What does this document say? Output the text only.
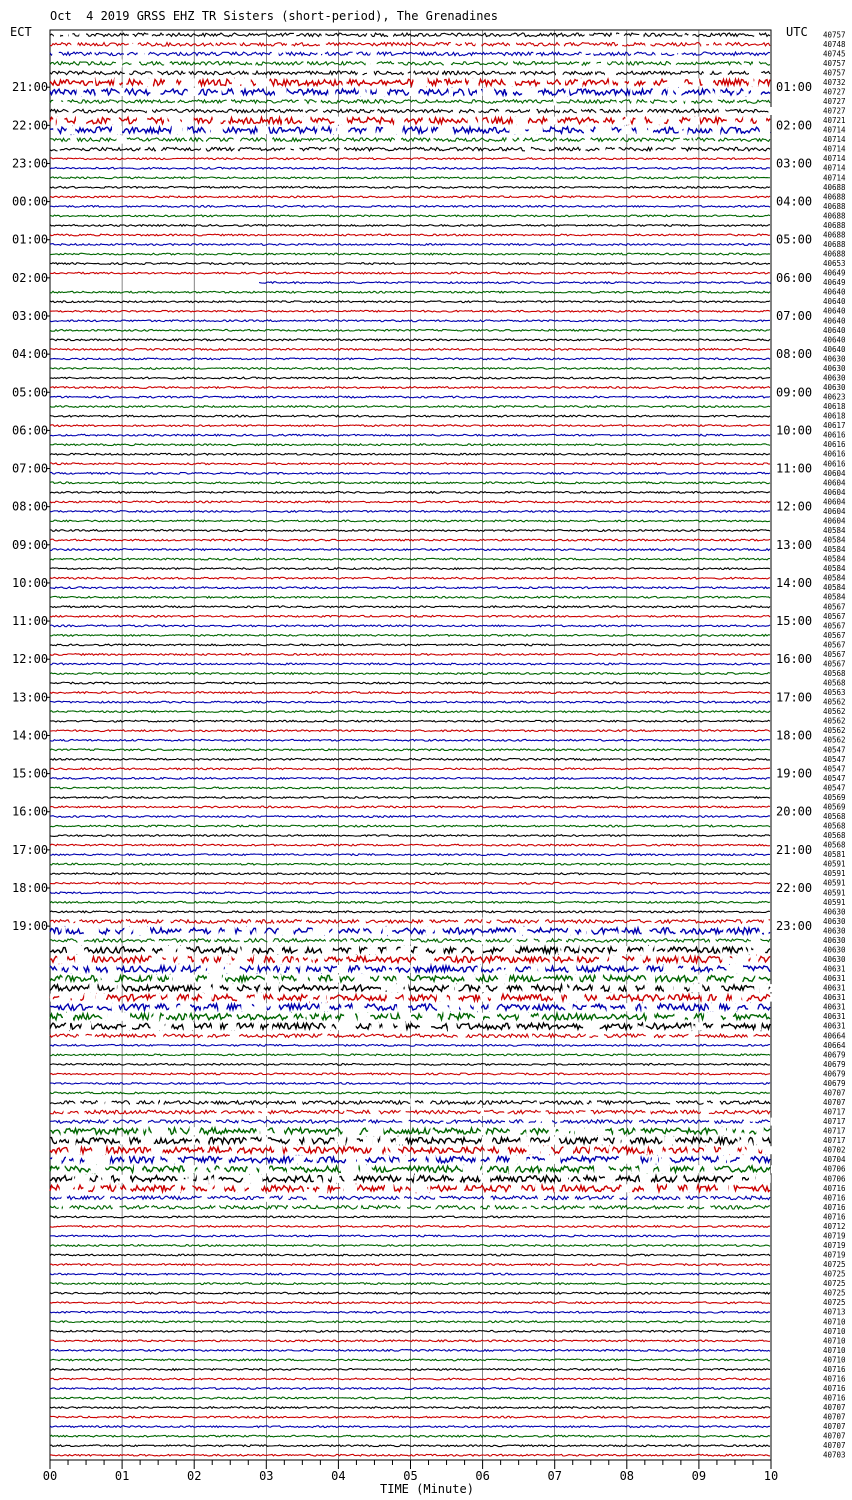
40757
40748
40745
40757
40757
40732
40727
40727
40727
40721
40714
40714
40714
40714
40714
40714
40688
40688
40688
40688
40688
40688
40688
40688
40653
40649
40649
40640
40640
40640
40640
40640
40640
40640
40630
40630
40630
40630
40623
40618
40618
40617
40616
40616
40616
40616
40604
40604
40604
40604
40604
40604
40584
40584
40584
40584
40584
40584
40584
40584
40567
40567
40567
40567
40567
40567
40567
40568
40568
40563
40562
40562
40562
40562
40562
40547
40547
40547
40547
40547
40569
40569
40568
40568
40568
40568
40581
40591
40591
40591
40591
40591
40630
40630
40630
40630
40630
40630
40631
40631
40631
40631
40631
40631
40631
40664
40664
40679
40679
40679
40679
40707
40707
40717
40717
40717
40717
40702
40704
40706
40706
40716
40716
40716
40716
40712
40719
40719
40719
40725
40725
40725
40725
40725
40713
40710
40710
40710
40710
40710
40716
40716
40716
40716
40707
40707
40707
40707
40707
40703
21:00
22:00
23:00
00:00
01:00
02:00
03:00
04:00
05:00
06:00
07:00
08:00
09:00
10:00
11:00
12:00
13:00
14:00
15:00
16:00
17:00
18:00
19:00
01:00
02:00
03:00
04:00
05:00
06:00
07:00
08:00
09:00
10:00
11:00
12:00
13:00
14:00
15:00
16:00
17:00
18:00
19:00
20:00
21:00
22:00
23:00
00	01	02	03	04	05	06	07	08	09	10
Oct  4 2019 GRSS EHZ TR Sisters (short-period), The Grenadines
ECT	UTC
TIME (Minute)
